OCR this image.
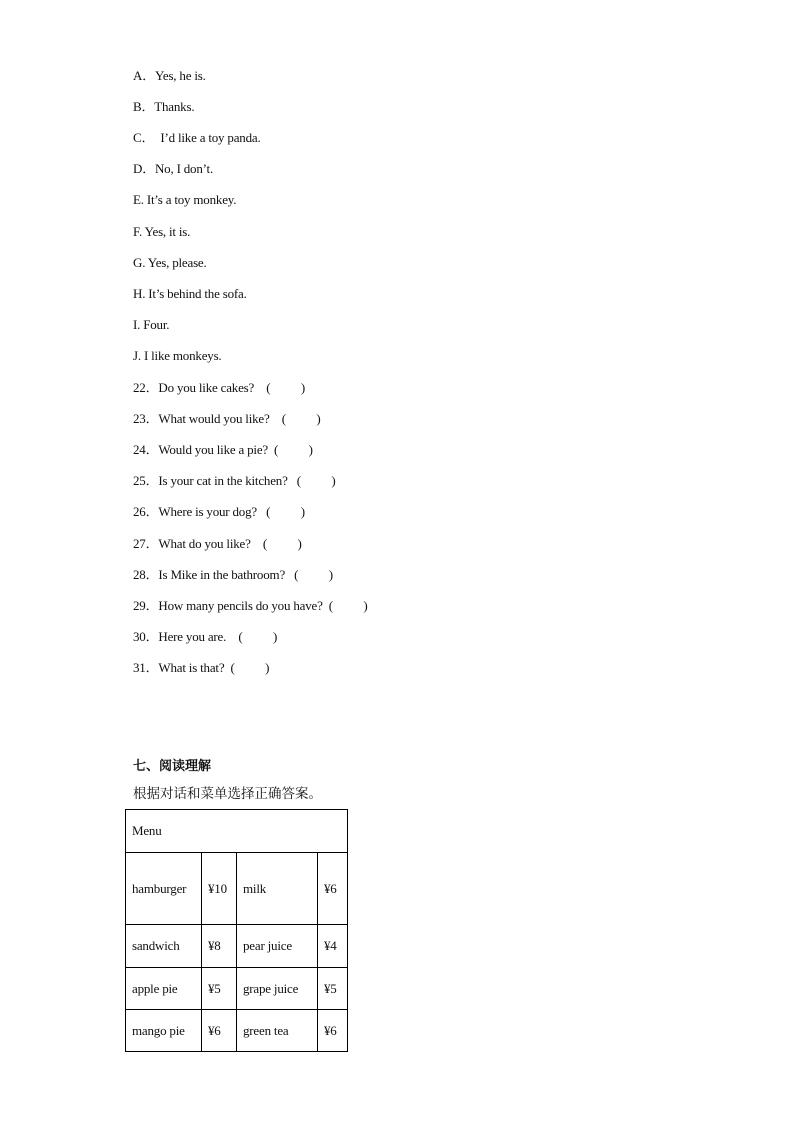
A．Yes, he is.
B．Thanks.
C．  I’d like a toy panda.
D．No, I don’t.
E. It’s a toy monkey.
F. Yes, it is.
G. Yes, please.
H. It’s behind the sofa.
I. Four.
J. I like monkeys.
22．Do you like cakes?    (          )
23．What would you like?    (          )
24．Would you like a pie?  (          )
25．Is your cat in the kitchen?   (          )
26．Where is your dog?   (          )
27．What do you like?    (          )
28．Is Mike in the bathroom?   (          )
29．How many pencils do you have?  (          )
30．Here you are.    (          )
31．What is that?  (          )
七、阅读理解
根据对话和菜单选择正确答案。
Menu			
hamburger	¥10	milk	¥6
sandwich	¥8	pear juice	¥4
apple pie	¥5	grape juice	¥5
mango pie	¥6	green tea	¥6
